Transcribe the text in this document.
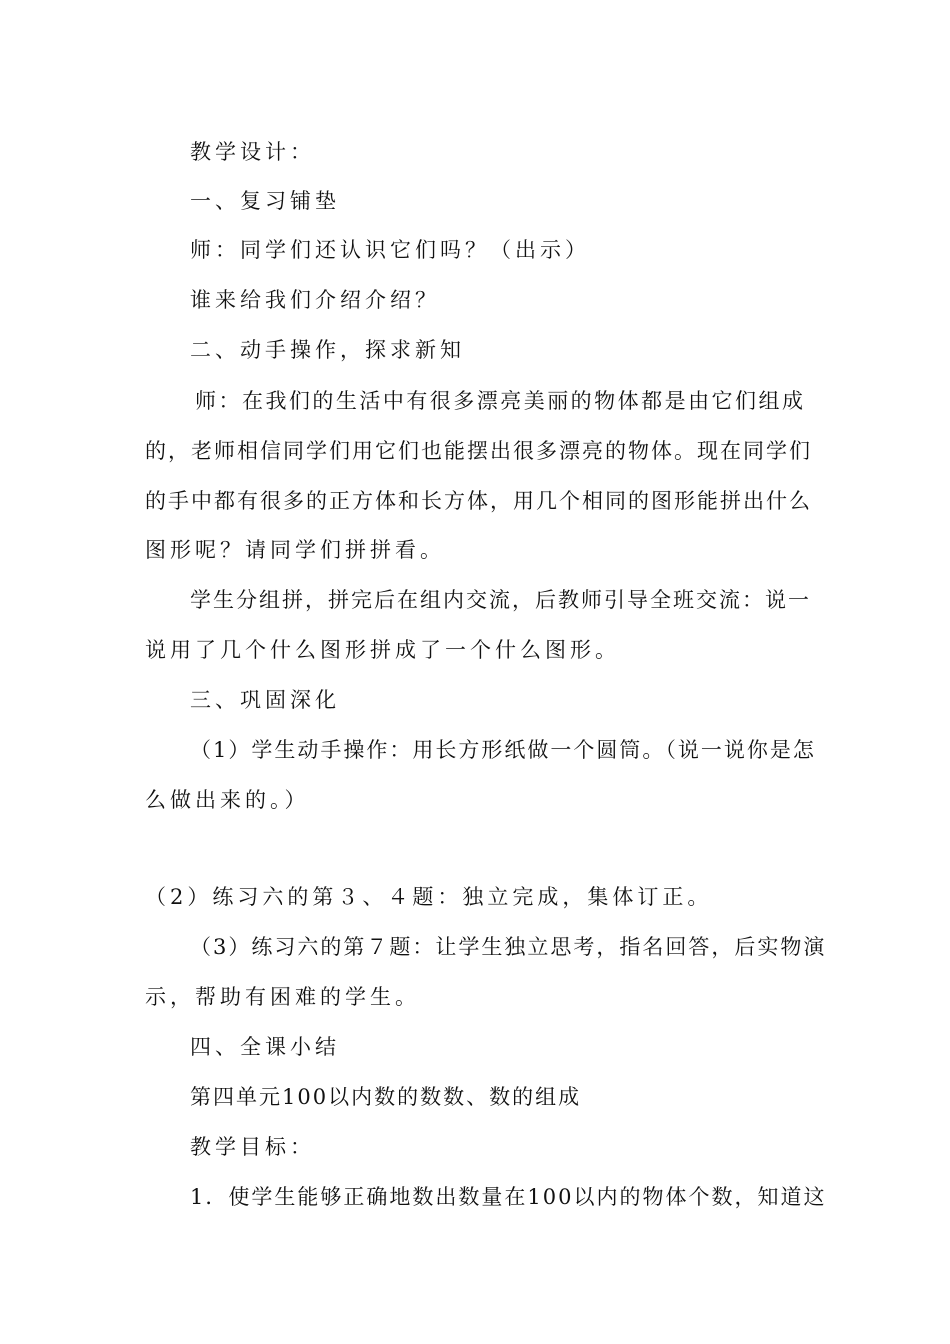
教学设计：
一、复习铺垫
师：同学们还认识它们吗？（出示）
谁来给我们介绍介绍？
二、动手操作，探求新知
师：在我们的生活中有很多漂亮美丽的物体都是由它们组成
的，老师相信同学们用它们也能摆出很多漂亮的物体。现在同学们
的手中都有很多的正方体和长方体，用几个相同的图形能拼出什么
图形呢？请同学们拼拼看。
学生分组拼，拼完后在组内交流，后教师引导全班交流：说一
说用了几个什么图形拼成了一个什么图形。
三、巩固深化
（1）学生动手操作：用长方形纸做一个圆筒。（说一说你是怎
么做出来的。）
（2）练习六的第３、４题：独立完成，集体订正。
（3）练习六的第７题：让学生独立思考，指名回答，后实物演
示，帮助有困难的学生。
四、全课小结
第四单元100以内数的数数、数的组成
教学目标：
1．使学生能够正确地数出数量在100以内的物体个数，知道这
